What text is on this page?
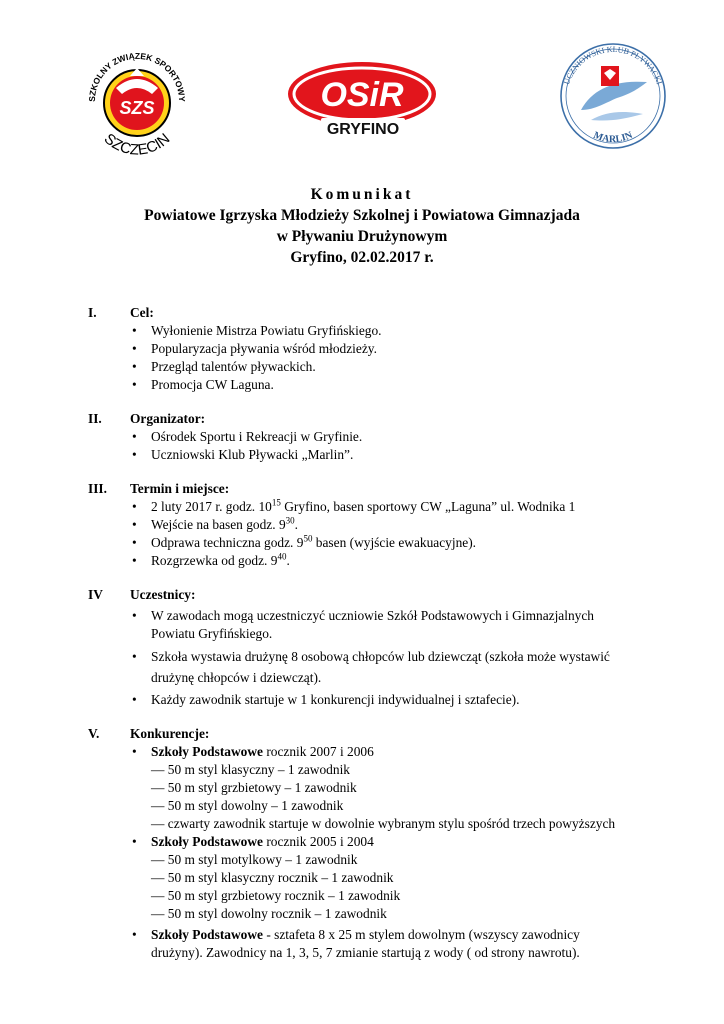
SZS
SZKOLNY ZWIĄZEK SPORTOWY
SZCZECIN
OSiR
GRYFINO
UCZNIOWSKI KLUB PŁYWACKI
MARLIN
Komunikat
Powiatowe Igrzyska Młodzieży Szkolnej i Powiatowa Gimnazjada
w Pływaniu Drużynowym
Gryfino, 02.02.2017 r.
I. Cel:
• Wyłonienie Mistrza Powiatu Gryfińskiego.
• Popularyzacja pływania wśród młodzieży.
• Przegląd talentów pływackich.
• Promocja CW Laguna.
II. Organizator:
• Ośrodek Sportu i Rekreacji w Gryfinie.
• Uczniowski Klub Pływacki „Marlin”.
III. Termin i miejsce:
• 2 luty 2017 r. godz. $10^{15}$ Gryfino, basen sportowy CW „Laguna” ul. Wodnika 1
• Wejście na basen godz. $9^{30}$.
• Odprawa techniczna godz. $9^{50}$ basen (wyjście ewakuacyjne).
• Rozgrzewka od godz. $9^{40}$.
IV Uczestnicy:
• W zawodach mogą uczestniczyć uczniowie Szkół Podstawowych i Gimnazjalnych Powiatu Gryfińskiego.
• Szkoła wystawia drużynę 8 osobową chłopców lub dziewcząt (szkoła może wystawić drużynę chłopców i dziewcząt).
• Każdy zawodnik startuje w 1 konkurencji indywidualnej i sztafecie).
V. Konkurencje:
• Szkoły Podstawowe rocznik 2007 i 2006
— 50 m styl klasyczny – 1 zawodnik
— 50 m styl grzbietowy – 1 zawodnik
— 50 m styl dowolny – 1 zawodnik
— czwarty zawodnik startuje w dowolnie wybranym stylu spośród trzech powyższych
• Szkoły Podstawowe rocznik 2005 i 2004
— 50 m styl motylkowy – 1 zawodnik
— 50 m styl klasyczny rocznik – 1 zawodnik
— 50 m styl grzbietowy rocznik – 1 zawodnik
— 50 m styl dowolny rocznik – 1 zawodnik
• Szkoły Podstawowe - sztafeta 8 x 25 m stylem dowolnym (wszyscy zawodnicy drużyny). Zawodnicy na 1, 3, 5, 7 zmianie startują z wody ( od strony nawrotu).
